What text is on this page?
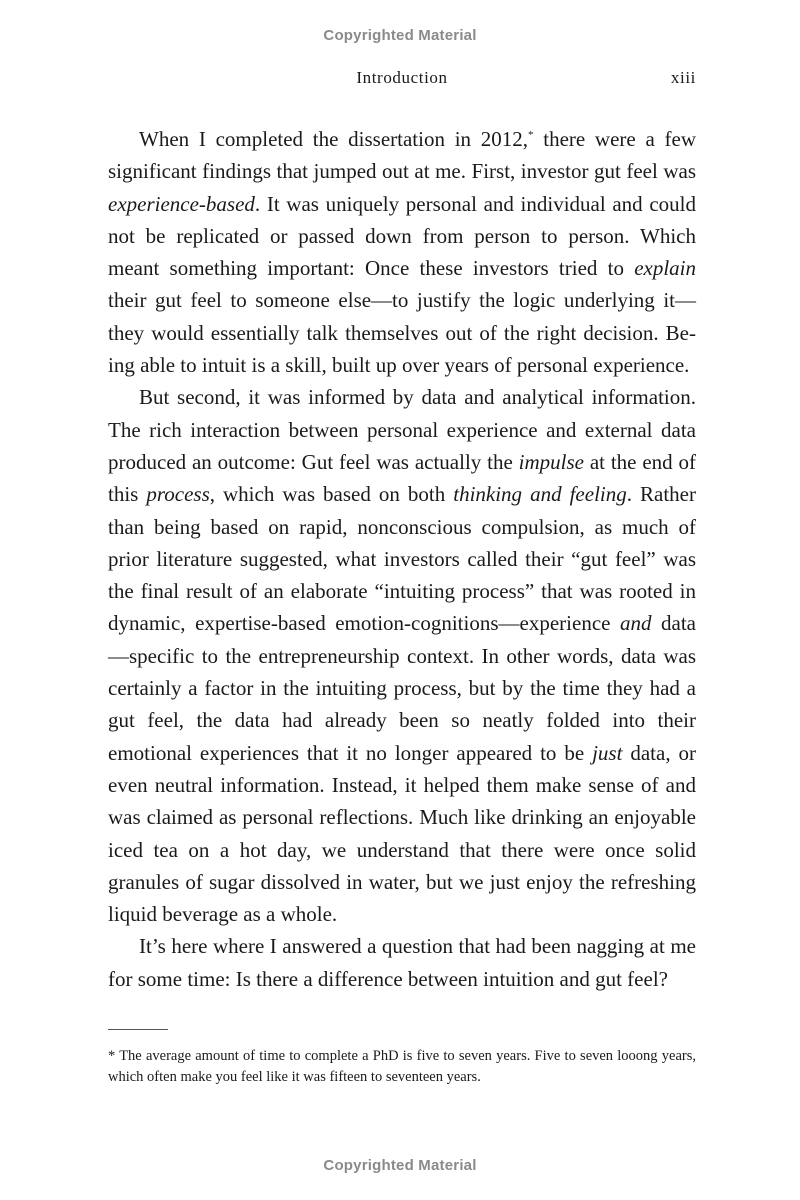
Copyrighted Material
Introduction	xiii

When I completed the dissertation in 2012,* there were a few significant findings that jumped out at me. First, investor gut feel was experience-based. It was uniquely personal and individual and could not be replicated or passed down from person to person. Which meant something important: Once these investors tried to explain their gut feel to someone else—to justify the logic underlying it—they would essentially talk themselves out of the right decision. Being able to intuit is a skill, built up over years of personal experience.

But second, it was informed by data and analytical information. The rich interaction between personal experience and external data produced an outcome: Gut feel was actually the impulse at the end of this process, which was based on both thinking and feeling. Rather than being based on rapid, nonconscious compulsion, as much of prior literature suggested, what investors called their “gut feel” was the final result of an elaborate “intuiting process” that was rooted in dynamic, expertise-based emotion-cognitions—experience and data—specific to the entrepreneurship context. In other words, data was certainly a factor in the intuiting process, but by the time they had a gut feel, the data had already been so neatly folded into their emotional experiences that it no longer appeared to be just data, or even neutral information. Instead, it helped them make sense of and was claimed as personal reflections. Much like drinking an enjoyable iced tea on a hot day, we understand that there were once solid granules of sugar dissolved in water, but we just enjoy the refreshing liquid beverage as a whole.

It’s here where I answered a question that had been nagging at me for some time: Is there a difference between intuition and gut feel?

* The average amount of time to complete a PhD is five to seven years. Five to seven looong years, which often make you feel like it was fifteen to seventeen years.

Copyrighted Material
